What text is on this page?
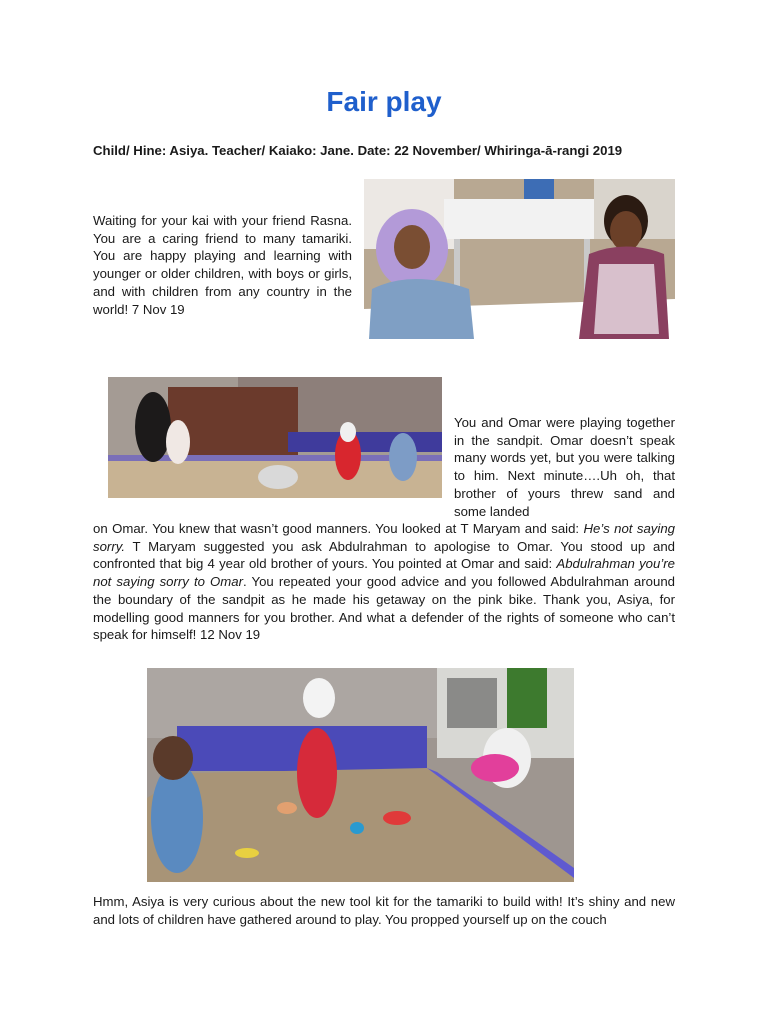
Fair play
Child/ Hine: Asiya. Teacher/ Kaiako: Jane. Date: 22 November/ Whiringa-ā-rangi 2019

Waiting for your kai with your friend Rasna. You are a caring friend to many tamariki. You are happy playing and learning with younger or older children, with boys or girls, and with children from any country in the world! 7 Nov 19

You and Omar were playing together in the sandpit. Omar doesn’t speak many words yet, but you were talking to him. Next minute….Uh oh, that brother of yours threw sand and some landed

on Omar. You knew that wasn’t good manners. You looked at T Maryam and said: He’s not saying sorry. T Maryam suggested you ask Abdulrahman to apologise to Omar. You stood up and confronted that big 4 year old brother of yours. You pointed at Omar and said: Abdulrahman you’re not saying sorry to Omar. You repeated your good advice and you followed Abdulrahman around the boundary of the sandpit as he made his getaway on the pink bike. Thank you, Asiya, for modelling good manners for you brother. And what a defender of the rights of someone who can’t speak for himself! 12 Nov 19

Hmm, Asiya is very curious about the new tool kit for the tamariki to build with! It’s shiny and new and lots of children have gathered around to play. You propped yourself up on the couch
